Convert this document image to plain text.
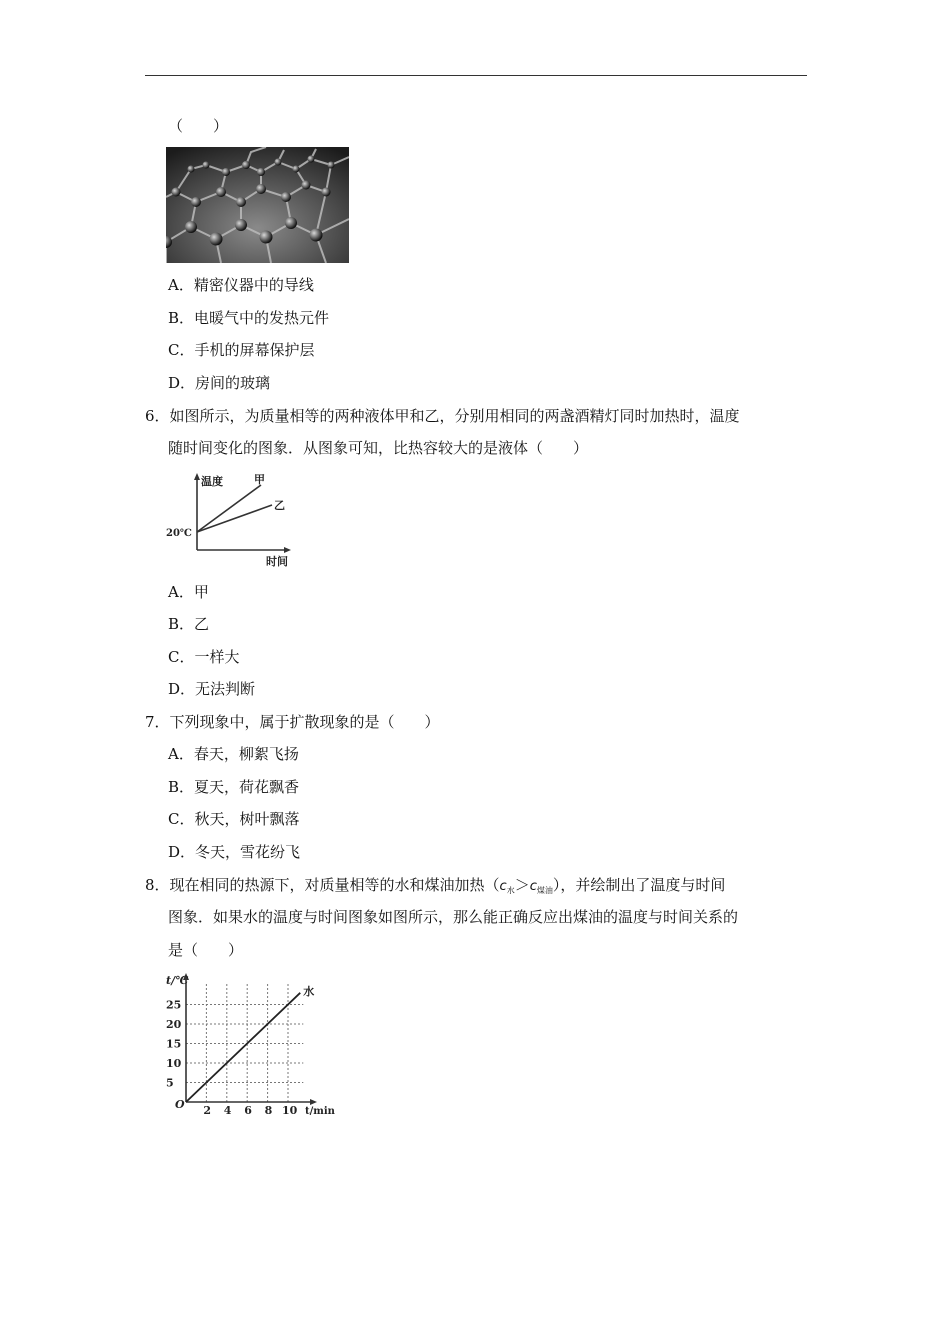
（　　）
A．精密仪器中的导线
B．电暖气中的发热元件
C．手机的屏幕保护层
D．房间的玻璃
6．如图所示，为质量相等的两种液体甲和乙，分别用相同的两盏酒精灯同时加热时，温度
随时间变化的图象．从图象可知，比热容较大的是液体（　　）
温度	甲
乙
20℃
时间
A．甲
B．乙
C．一样大
D．无法判断
7．下列现象中，属于扩散现象的是（　　）
A．春天，柳絮飞扬
B．夏天，荷花飘香
C．秋天，树叶飘落
D．冬天，雪花纷飞
8．现在相同的热源下，对质量相等的水和煤油加热$(c_水>c_{煤油})$，并绘制出了温度与时间
图象．如果水的温度与时间图象如图所示，那么能正确反应出煤油的温度与时间关系的
是（　　）
25
20
15
10
5
2 4 6 8 10
水
t/℃
t/min
O
